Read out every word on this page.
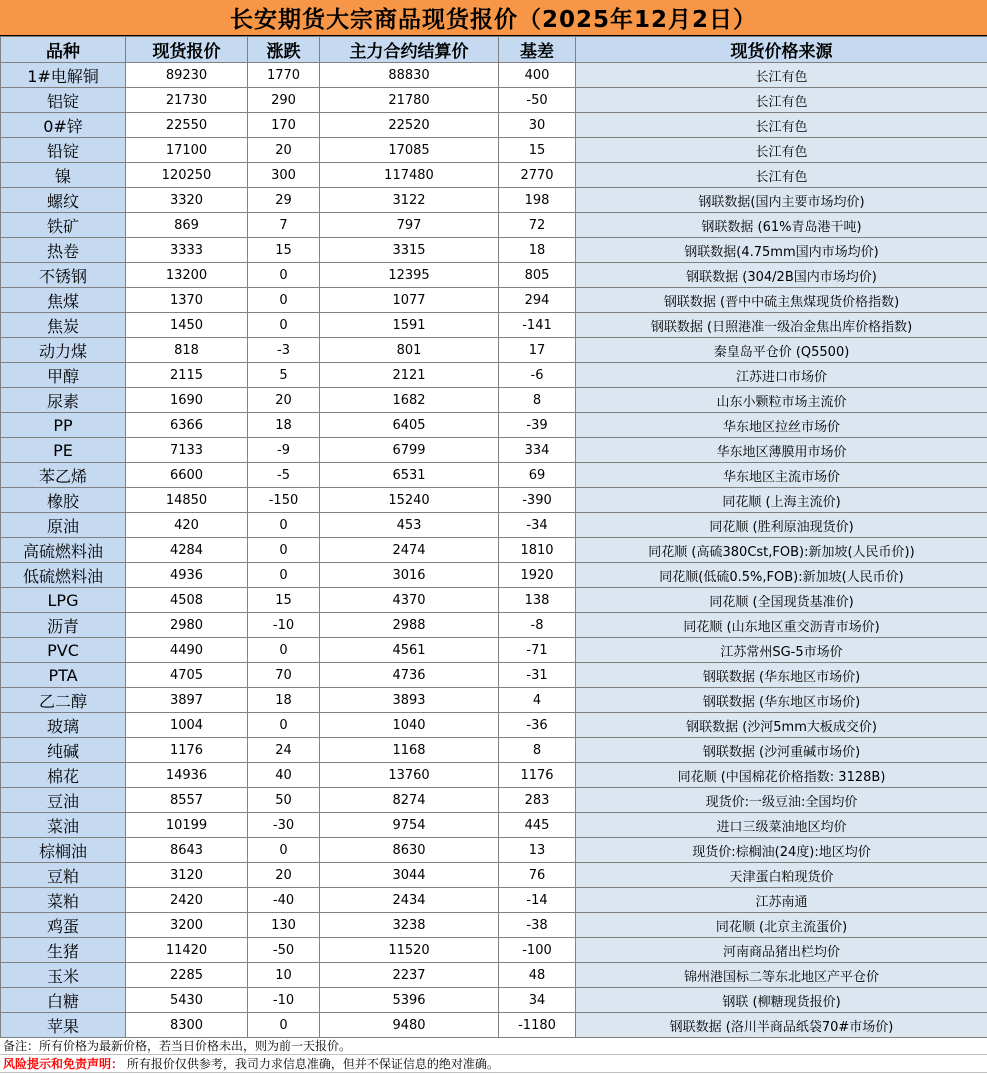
长安期货大宗商品现货报价（2025年12月2日）
品种	现货报价	涨跌	主力合约结算价	基差	现货价格来源
1#电解铜	89230	1770	88830	400	长江有色
铝锭	21730	290	21780	-50	长江有色
0#锌	22550	170	22520	30	长江有色
铅锭	17100	20	17085	15	长江有色
镍	120250	300	117480	2770	长江有色
螺纹	3320	29	3122	198	钢联数据(国内主要市场均价)
铁矿	869	7	797	72	钢联数据 (61%青岛港干吨)
热卷	3333	15	3315	18	钢联数据(4.75mm国内市场均价)
不锈钢	13200	0	12395	805	钢联数据 (304/2B国内市场均价)
焦煤	1370	0	1077	294	钢联数据 (晋中中硫主焦煤现货价格指数)
焦炭	1450	0	1591	-141	钢联数据 (日照港准一级冶金焦出库价格指数)
动力煤	818	-3	801	17	秦皇岛平仓价 (Q5500)
甲醇	2115	5	2121	-6	江苏进口市场价
尿素	1690	20	1682	8	山东小颗粒市场主流价
PP	6366	18	6405	-39	华东地区拉丝市场价
PE	7133	-9	6799	334	华东地区薄膜用市场价
苯乙烯	6600	-5	6531	69	华东地区主流市场价
橡胶	14850	-150	15240	-390	同花顺 (上海主流价)
原油	420	0	453	-34	同花顺 (胜利原油现货价)
高硫燃料油	4284	0	2474	1810	同花顺 (高硫380Cst,FOB):新加坡(人民币价))
低硫燃料油	4936	0	3016	1920	同花顺(低硫0.5%,FOB):新加坡(人民币价)
LPG	4508	15	4370	138	同花顺 (全国现货基准价)
沥青	2980	-10	2988	-8	同花顺 (山东地区重交沥青市场价)
PVC	4490	0	4561	-71	江苏常州SG-5市场价
PTA	4705	70	4736	-31	钢联数据 (华东地区市场价)
乙二醇	3897	18	3893	4	钢联数据 (华东地区市场价)
玻璃	1004	0	1040	-36	钢联数据 (沙河5mm大板成交价)
纯碱	1176	24	1168	8	钢联数据 (沙河重碱市场价)
棉花	14936	40	13760	1176	同花顺 (中国棉花价格指数: 3128B)
豆油	8557	50	8274	283	现货价:一级豆油:全国均价
菜油	10199	-30	9754	445	进口三级菜油地区均价
棕榈油	8643	0	8630	13	现货价:棕榈油(24度):地区均价
豆粕	3120	20	3044	76	天津蛋白粕现货价
菜粕	2420	-40	2434	-14	江苏南通
鸡蛋	3200	130	3238	-38	同花顺 (北京主流蛋价)
生猪	11420	-50	11520	-100	河南商品猪出栏均价
玉米	2285	10	2237	48	锦州港国标二等东北地区产平仓价
白糖	5430	-10	5396	34	钢联 (柳糖现货报价)
苹果	8300	0	9480	-1180	钢联数据 (洛川半商品纸袋70#市场价)
备注：所有价格为最新价格，若当日价格未出，则为前一天报价。
风险提示和免责声明： 所有报价仅供参考，我司力求信息准确，但并不保证信息的绝对准确。
